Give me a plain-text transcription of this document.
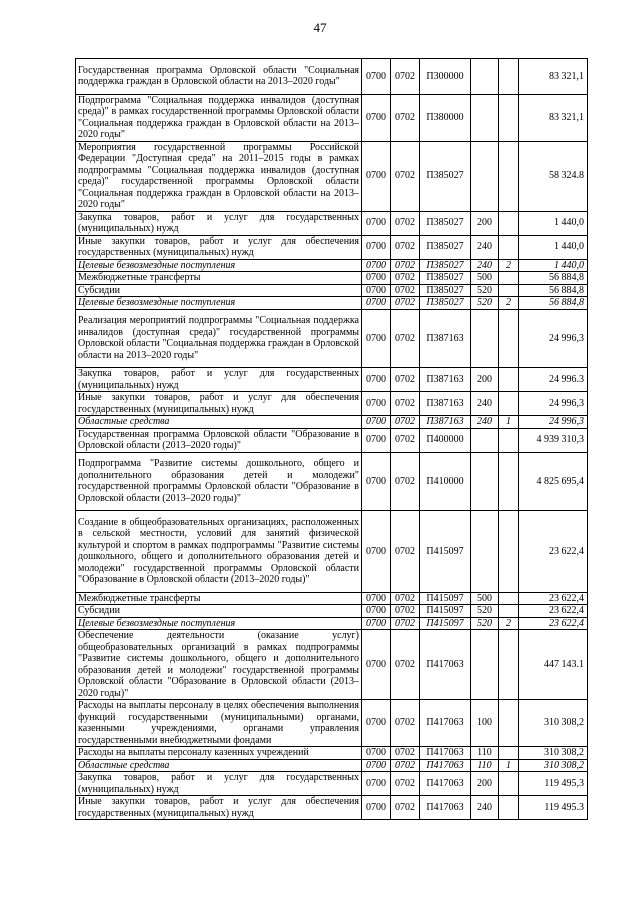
47
Государственная программа Орловской области "Социальная поддержка граждан в Орловской области на 2013–2020 годы"	0700	0702	П300000			83 321,1
Подпрограмма "Социальная поддержка инвалидов (доступная среда)" в рамках государственной программы Орловской области "Социальная поддержка граждан в Орловской области на 2013–2020 годы"	0700	0702	П380000			83 321,1
Мероприятия государственной программы Российской Федерации "Доступная среда" на 2011–2015 годы в рамках подпрограммы "Социальная поддержка инвалидов (доступная среда)" государственной программы Орловской области "Социальная поддержка граждан в Орловской области на 2013–2020 годы"	0700	0702	П385027			58 324.8
Закупка товаров, работ и услуг для государственных (муниципальных) нужд	0700	0702	П385027	200		1 440,0
Иные закупки товаров, работ и услуг для обеспечения государственных (муниципальных) нужд	0700	0702	П385027	240		1 440,0
Целевые безвозмездные поступления	0700	0702	П385027	240	2	1 440,0
Межбюджетные трансферты	0700	0702	П385027	500		56 884,8
Субсидии	0700	0702	П385027	520		56 884,8
Целевые безвозмездные поступления	0700	0702	П385027	520	2	56 884,8
Реализация мероприятий подпрограммы "Социальная поддержка инвалидов (доступная среда)" государственной программы Орловской области "Социальная поддержка граждан в Орловской области на 2013–2020 годы"	0700	0702	П387163			24 996,3
Закупка товаров, работ и услуг для государственных (муниципальных) нужд	0700	0702	П387163	200		24 996.3
Иные закупки товаров, работ и услуг для обеспечения государственных (муниципальных) нужд	0700	0702	П387163	240		24 996,3
Областные средства	0700	0702	П387163	240	1	24 996,3
Государственная программа Орловской области "Образование в Орловской области (2013–2020 годы)"	0700	0702	П400000			4 939 310,3
Подпрограмма "Развитие системы дошкольного, общего и дополнительного образования детей и молодежи" государственной программы Орловской области "Образование в Орловской области (2013–2020 годы)"	0700	0702	П410000			4 825 695,4
Создание в общеобразовательных организациях, расположенных в сельской местности, условий для занятий физической культурой и спортом в рамках подпрограммы "Развитие системы дошкольного, общего и дополнительного образования детей и молодежи" государственной программы Орловской области "Образование в Орловской области (2013–2020 годы)"	0700	0702	П415097			23 622,4
Межбюджетные трансферты	0700	0702	П415097	500		23 622,4
Субсидии	0700	0702	П415097	520		23 622,4
Целевые безвозмездные поступления	0700	0702	П415097	520	2	23 622,4
Обеспечение деятельности (оказание услуг) общеобразовательных организаций в рамках подпрограммы "Развитие системы дошкольного, общего и дополнительного образования детей и молодежи" государственной программы Орловской области "Образование в Орловской области (2013–2020 годы)"	0700	0702	П417063			447 143.1
Расходы на выплаты персоналу в целях обеспечения выполнения функций государственными (муниципальными) органами, казенными учреждениями, органами управления государственными внебюджетными фондами	0700	0702	П417063	100		310 308,2
Расходы на выплаты персоналу казенных учреждений	0700	0702	П417063	110		310 308,2
Областные средства	0700	0702	П417063	110	1	310 308,2
Закупка товаров, работ и услуг для государственных (муниципальных) нужд	0700	0702	П417063	200		119 495,3
Иные закупки товаров, работ и услуг для обеспечения государственных (муниципальных) нужд	0700	0702	П417063	240		119 495.3
